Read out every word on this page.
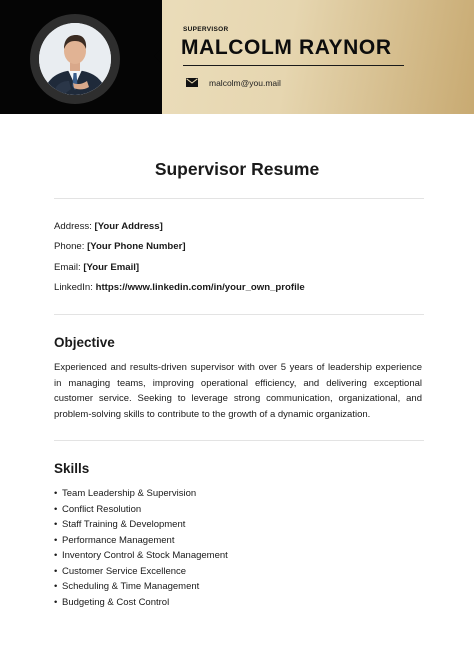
SUPERVISOR
MALCOLM RAYNOR
malcolm@you.mail
Supervisor Resume
Address: [Your Address]
Phone: [Your Phone Number]
Email: [Your Email]
LinkedIn: https://www.linkedin.com/in/your_own_profile
Objective
Experienced and results-driven supervisor with over 5 years of leadership experience in managing teams, improving operational efficiency, and delivering exceptional customer service. Seeking to leverage strong communication, organizational, and problem-solving skills to contribute to the growth of a dynamic organization.
Skills
• Team Leadership & Supervision
• Conflict Resolution
• Staff Training & Development
• Performance Management
• Inventory Control & Stock Management
• Customer Service Excellence
• Scheduling & Time Management
• Budgeting & Cost Control
